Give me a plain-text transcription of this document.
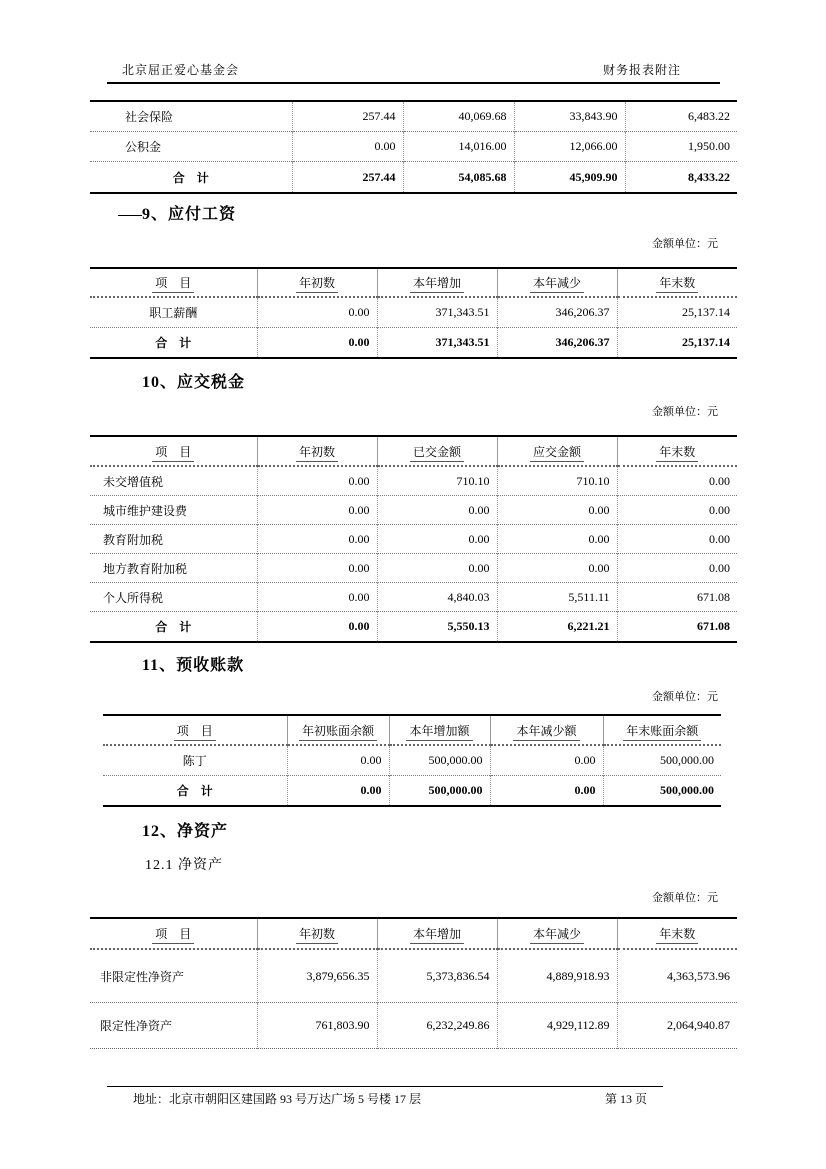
北京屈正爱心基金会	财务报表附注
社会保险	257.44	40,069.68	33,843.90	6,483.22
公积金	0.00	14,016.00	12,066.00	1,950.00
合　计	257.44	54,085.68	45,909.90	8,433.22
9、应付工资
金额单位：元
项　目	年初数	本年增加	本年减少	年末数
职工薪酬	0.00	371,343.51	346,206.37	25,137.14
合　计	0.00	371,343.51	346,206.37	25,137.14
10、应交税金
金额单位：元
项　目	年初数	已交金额	应交金额	年末数
未交增值税	0.00	710.10	710.10	0.00
城市维护建设费	0.00	0.00	0.00	0.00
教育附加税	0.00	0.00	0.00	0.00
地方教育附加税	0.00	0.00	0.00	0.00
个人所得税	0.00	4,840.03	5,511.11	671.08
合　计	0.00	5,550.13	6,221.21	671.08
11、预收账款
金额单位：元
项　目	年初账面余额	本年增加额	本年减少额	年末账面余额
陈丁	0.00	500,000.00	0.00	500,000.00
合　计	0.00	500,000.00	0.00	500,000.00
12、净资产
12.1 净资产
金额单位：元
项　目	年初数	本年增加	本年减少	年末数
非限定性净资产	3,879,656.35	5,373,836.54	4,889,918.93	4,363,573.96
限定性净资产	761,803.90	6,232,249.86	4,929,112.89	2,064,940.87
地址：北京市朝阳区建国路 93 号万达广场 5 号楼 17 层	第 13 页
